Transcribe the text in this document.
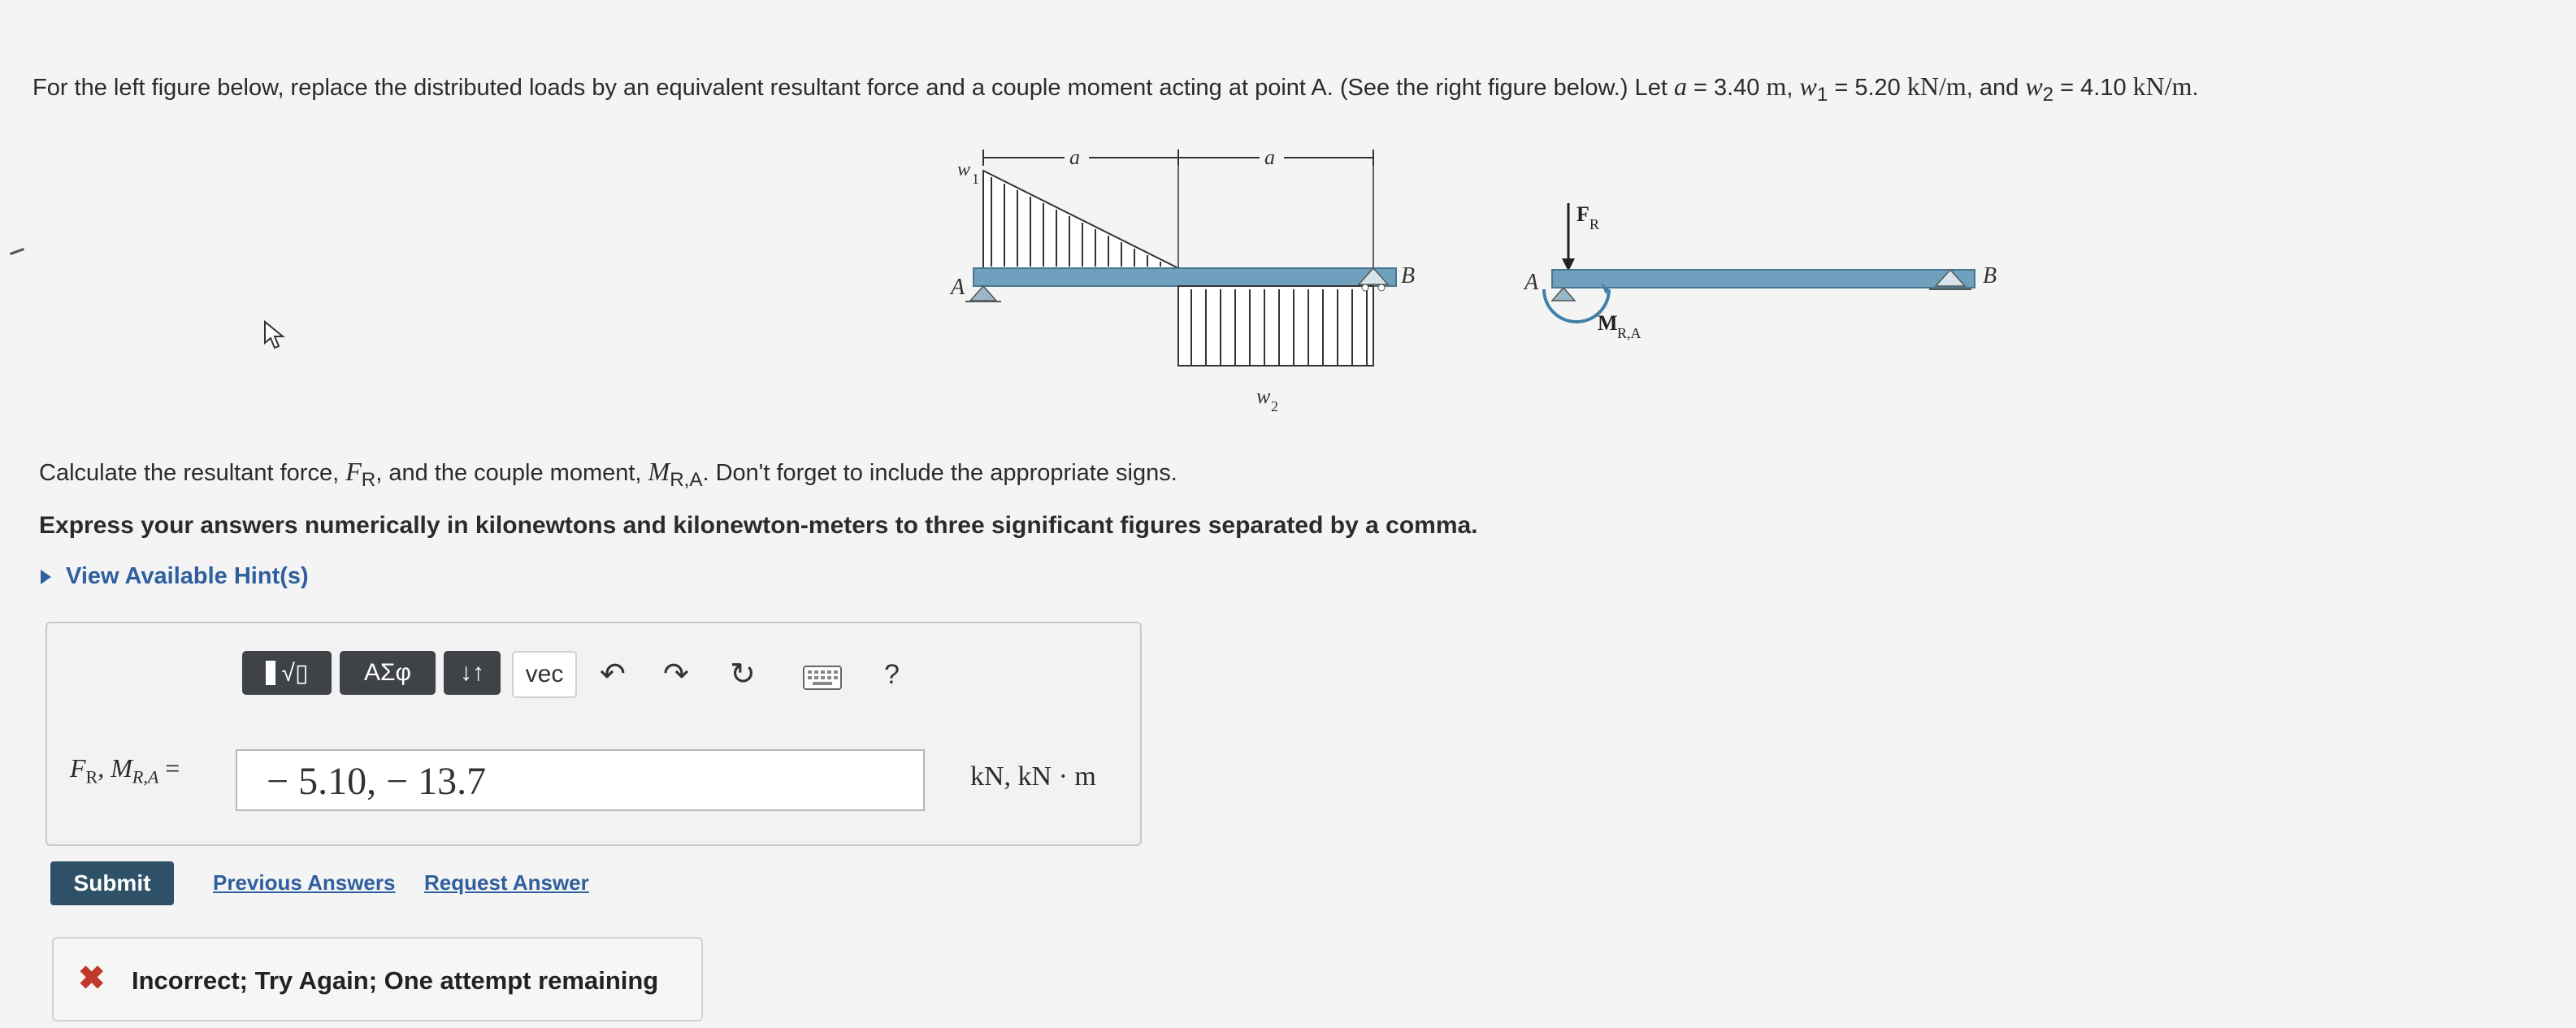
For the left figure below, replace the distributed loads by an equivalent resultant force and a couple moment acting at point A. (See the right figure below.) Let a = 3.40 m, $w_1 = 5.20$ kN/m, and $w_2 = 4.10$ kN/m.
a	a
w 1
w 2
A	B
F R
M R,A
A	B
Calculate the resultant force, $F_R$, and the couple moment, $M_{R,A}$. Don't forget to include the appropriate signs.
Express your answers numerically in kilonewtons and kilonewton-meters to three significant figures separated by a comma.
View Available Hint(s)
√▯	ΑΣφ	↓↑	vec	↶ ↷ ↻	?
$F_R$, $M_{R,A}$ =	− 5.10, − 13.7	kN, kN · m
Submit	Previous Answers Request Answer
✖ Incorrect; Try Again; One attempt remaining
